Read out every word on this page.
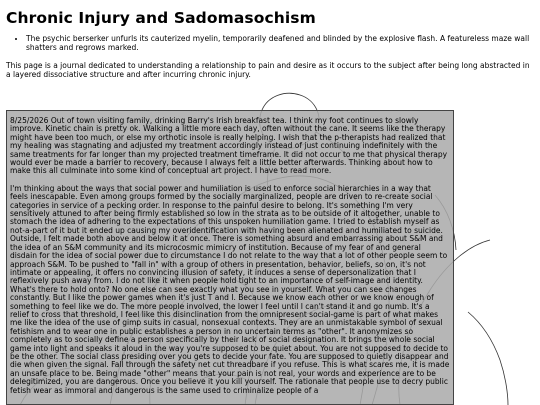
Chronic Injury and Sadomasochism
• The psychic berserker unfurls its cauterized myelin, temporarily deafened and blinded by the explosive flash. A featureless maze wall shatters and regrows marked.

This page is a journal dedicated to understanding a relationship to pain and desire as it occurs to the subject after being long abstracted in a layered dissociative structure and after incurring chronic injury.

8/25/2026 Out of town visiting family, drinking Barry's Irish breakfast tea. I think my foot continues to slowly improve. Kinetic chain is pretty ok. Walking a little more each day, often without the cane. It seems like the therapy might have been too much, or else my orthotic insole is really helping. I wish that the p-therapists had realized that my healing was stagnating and adjusted my treatment accordingly instead of just continuing indefinitely with the same treatments for far longer than my projected treatment timeframe. It did not occur to me that physical therapy would ever be made a barrier to recovery, because I always felt a little better afterwards. Thinking about how to make this all culminate into some kind of conceptual art project. I have to read more.

I'm thinking about the ways that social power and humiliation is used to enforce social hierarchies in a way that feels inescapable. Even among groups formed by the socially marginalized, people are driven to re-create social categories in service of a pecking order. In response to the painful desire to belong. It's something I'm very sensitively attuned to after being firmly established so low in the strata as to be outside of it altogether, unable to stomach the idea of adhering to the expectations of this unspoken humiliation game. I tried to establish myself as not-a-part of it but it ended up causing my overidentification with having been alienated and humiliated to suicide. Outside, I felt made both above and below it at once. There is something absurd and embarrassing about S&M and the idea of an S&M community and its microcosmic mimicry of institution. Because of my fear of and general disdain for the idea of social power due to circumstance I do not relate to the way that a lot of other people seem to approach S&M. To be pushed to "fall in" with a group of others in presentation, behavior, beliefs, so on, it's not intimate or appealing, it offers no convincing illusion of safety, it induces a sense of depersonalization that I reflexively push away from. I do not like it when people hold tight to an importance of self-image and identity. What's there to hold onto? No one else can see exactly what you see in yourself. What you can see changes constantly. But I like the power games when it's just T and I. Because we know each other or we know enough of something to feel like we do. The more people involved, the lower I feel until I can't stand it and go numb. It's a relief to cross that threshold, I feel like this disinclination from the omnipresent social-game is part of what makes me like the idea of the use of gimp suits in casual, nonsexual contexts. They are an unmistakable symbol of sexual fetishism and to wear one in public establishes a person in no uncertain terms as "other". It anonymizes so completely as to socially define a person specifically by their lack of social designation. It brings the whole social game into light and speaks it aloud in the way you're supposed to be quiet about. You are not supposed to decide to be the other. The social class presiding over you gets to decide your fate. You are supposed to quietly disappear and die when given the signal. Fall through the safety net cut threadbare if you refuse. This is what scares me, it is made an unsafe place to be. Being made "other" means that your pain is not real, your words and experience are to be delegitimized, you are dangerous. Once you believe it you kill yourself. The rationale that people use to decry public fetish wear as immoral and dangerous is the same used to criminalize people of a
